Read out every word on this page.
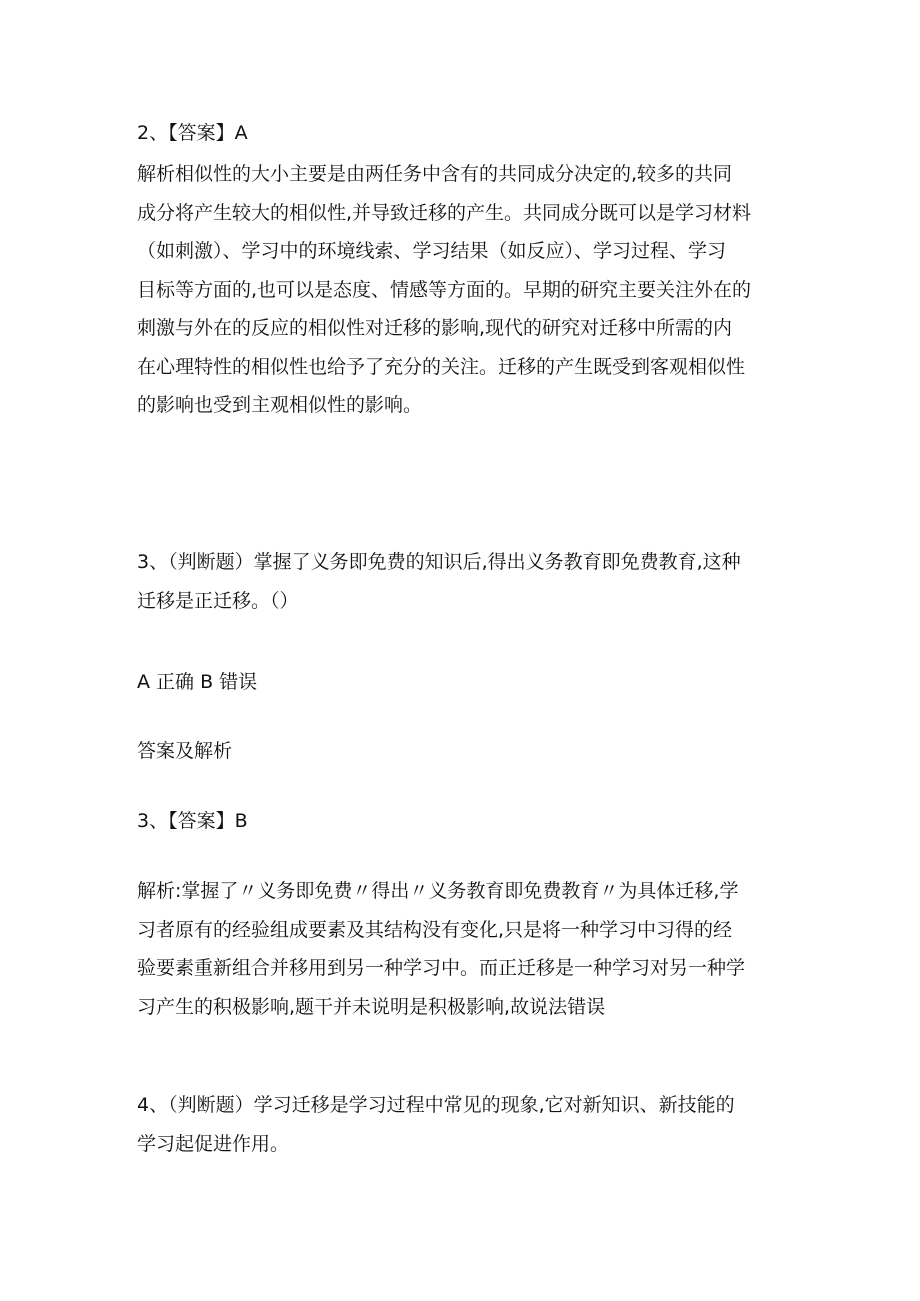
2、【答案】A
解析相似性的大小主要是由两任务中含有的共同成分决定的,较多的共同
成分将产生较大的相似性,并导致迁移的产生。共同成分既可以是学习材料
（如刺激）、学习中的环境线索、学习结果（如反应）、学习过程、学习
目标等方面的,也可以是态度、情感等方面的。早期的研究主要关注外在的
刺激与外在的反应的相似性对迁移的影响,现代的研究对迁移中所需的内
在心理特性的相似性也给予了充分的关注。迁移的产生既受到客观相似性
的影响也受到主观相似性的影响。
3、（判断题）掌握了义务即免费的知识后,得出义务教育即免费教育,这种
迁移是正迁移。（）
A 正确 B 错误
答案及解析
3、【答案】B
解析:掌握了〃义务即免费〃得出〃义务教育即免费教育〃为具体迁移,学
习者原有的经验组成要素及其结构没有变化,只是将一种学习中习得的经
验要素重新组合并移用到另一种学习中。而正迁移是一种学习对另一种学
习产生的积极影响,题干并未说明是积极影响,故说法错误
4、（判断题）学习迁移是学习过程中常见的现象,它对新知识、新技能的
学习起促进作用。
